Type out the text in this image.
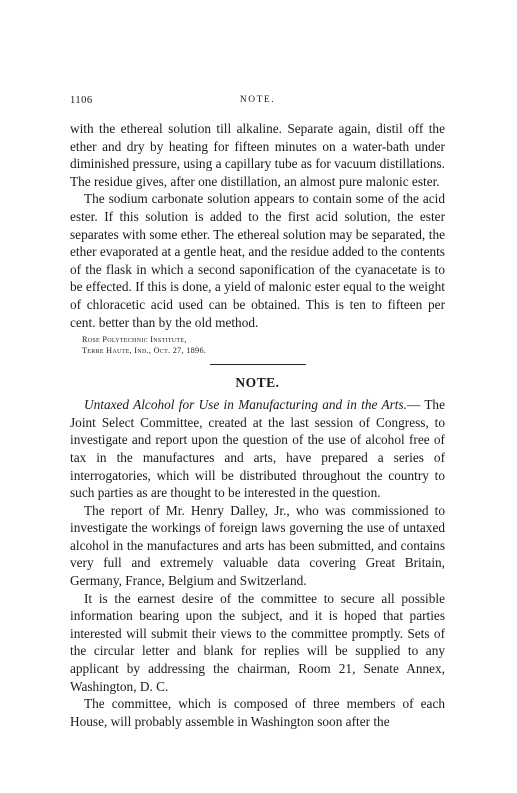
1106	NOTE.

with the ethereal solution till alkaline. Separate again, distil off the ether and dry by heating for fifteen minutes on a water-bath under diminished pressure, using a capillary tube as for vacuum distillations. The residue gives, after one distillation, an almost pure malonic ester.

The sodium carbonate solution appears to contain some of the acid ester. If this solution is added to the first acid solution, the ester separates with some ether. The ethereal solution may be separated, the ether evaporated at a gentle heat, and the residue added to the contents of the flask in which a second saponification of the cyanacetate is to be effected. If this is done, a yield of malonic ester equal to the weight of chloracetic acid used can be obtained. This is ten to fifteen per cent. better than by the old method.

Rose Polytechnic Institute,
Terre Haute, Ind., Oct. 27, 1896.
NOTE.

Untaxed Alcohol for Use in Manufacturing and in the Arts.— The Joint Select Committee, created at the last session of Congress, to investigate and report upon the question of the use of alcohol free of tax in the manufactures and arts, have prepared a series of interrogatories, which will be distributed throughout the country to such parties as are thought to be interested in the question.

The report of Mr. Henry Dalley, Jr., who was commissioned to investigate the workings of foreign laws governing the use of untaxed alcohol in the manufactures and arts has been submitted, and contains very full and extremely valuable data covering Great Britain, Germany, France, Belgium and Switzerland.

It is the earnest desire of the committee to secure all possible information bearing upon the subject, and it is hoped that parties interested will submit their views to the committee promptly. Sets of the circular letter and blank for replies will be supplied to any applicant by addressing the chairman, Room 21, Senate Annex, Washington, D. C.

The committee, which is composed of three members of each House, will probably assemble in Washington soon after the
